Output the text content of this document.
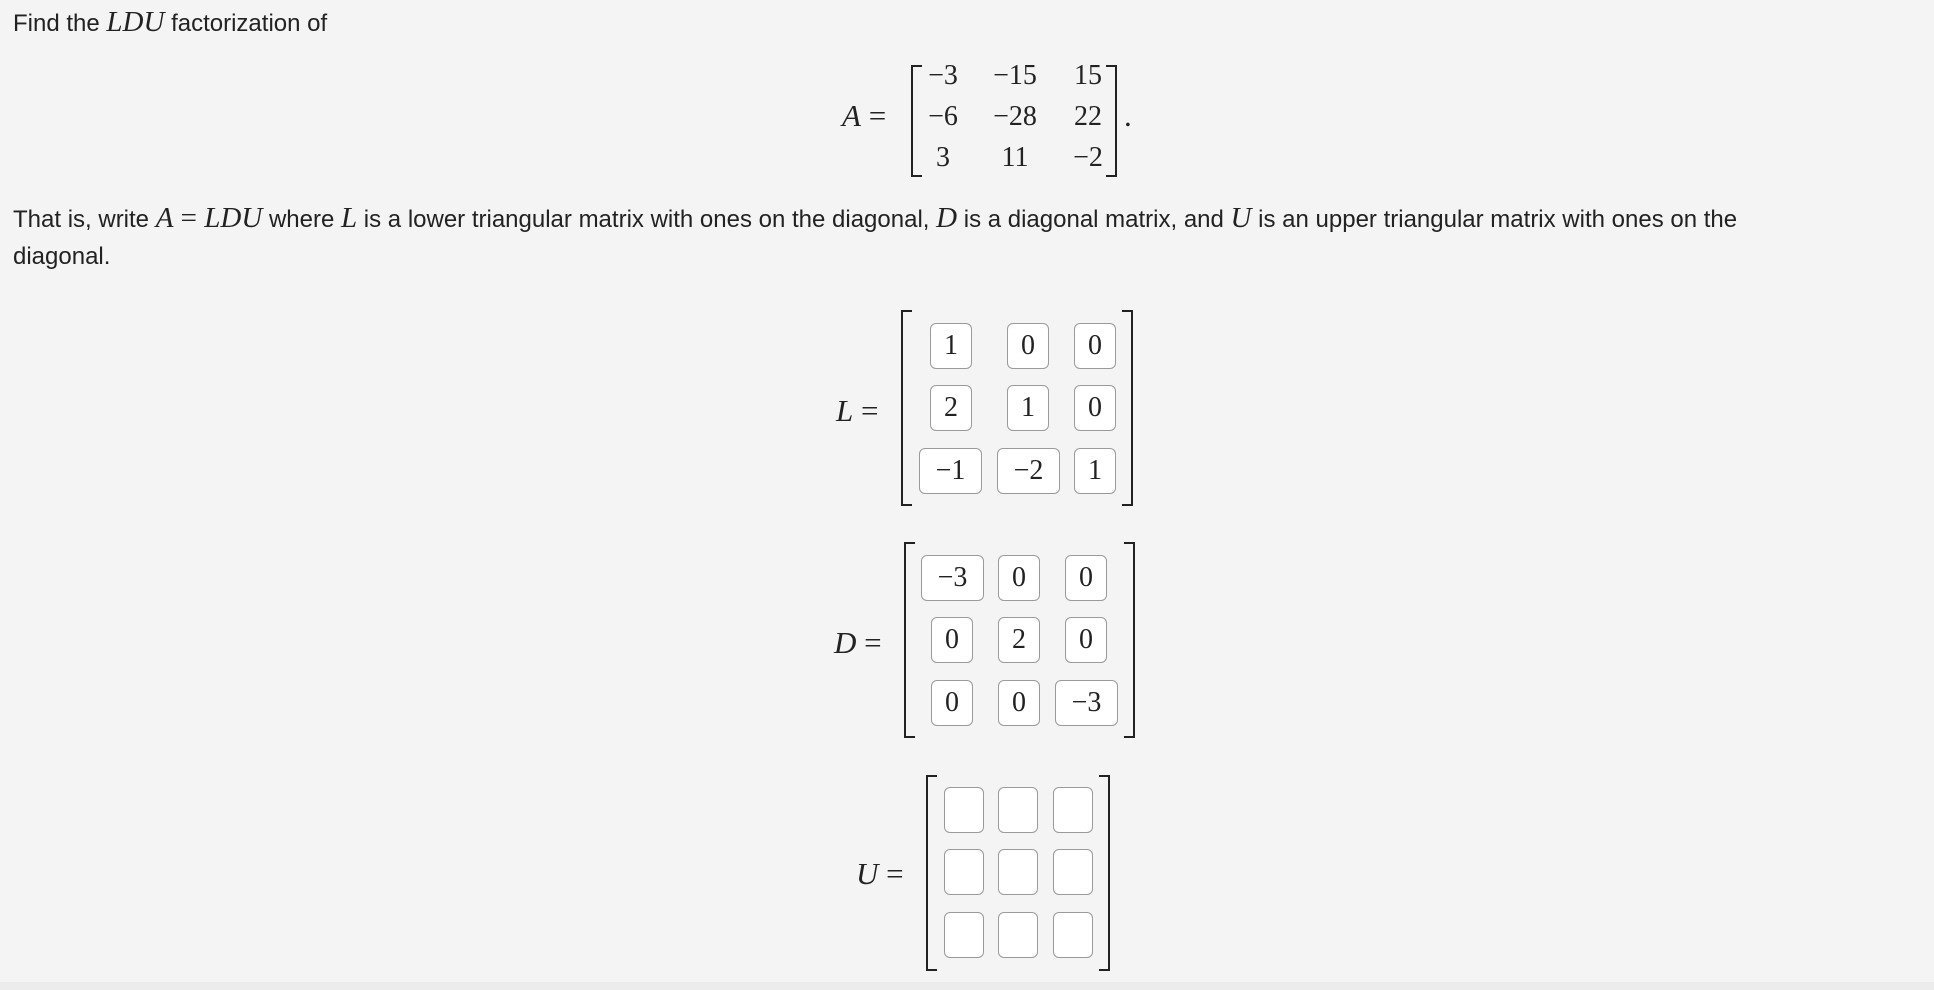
Find the LDU factorization of
A =
−3	−15	15
−6	−28	22
3	11	−2
.
That is, write A = LDU where L is a lower triangular matrix with ones on the diagonal, D is a diagonal matrix, and U is an upper triangular matrix with ones on the
diagonal.
L =
1	0	0
2	1	0
−1	−2	1
D =
−3	0	0
0	2	0
0	0	−3
U =
